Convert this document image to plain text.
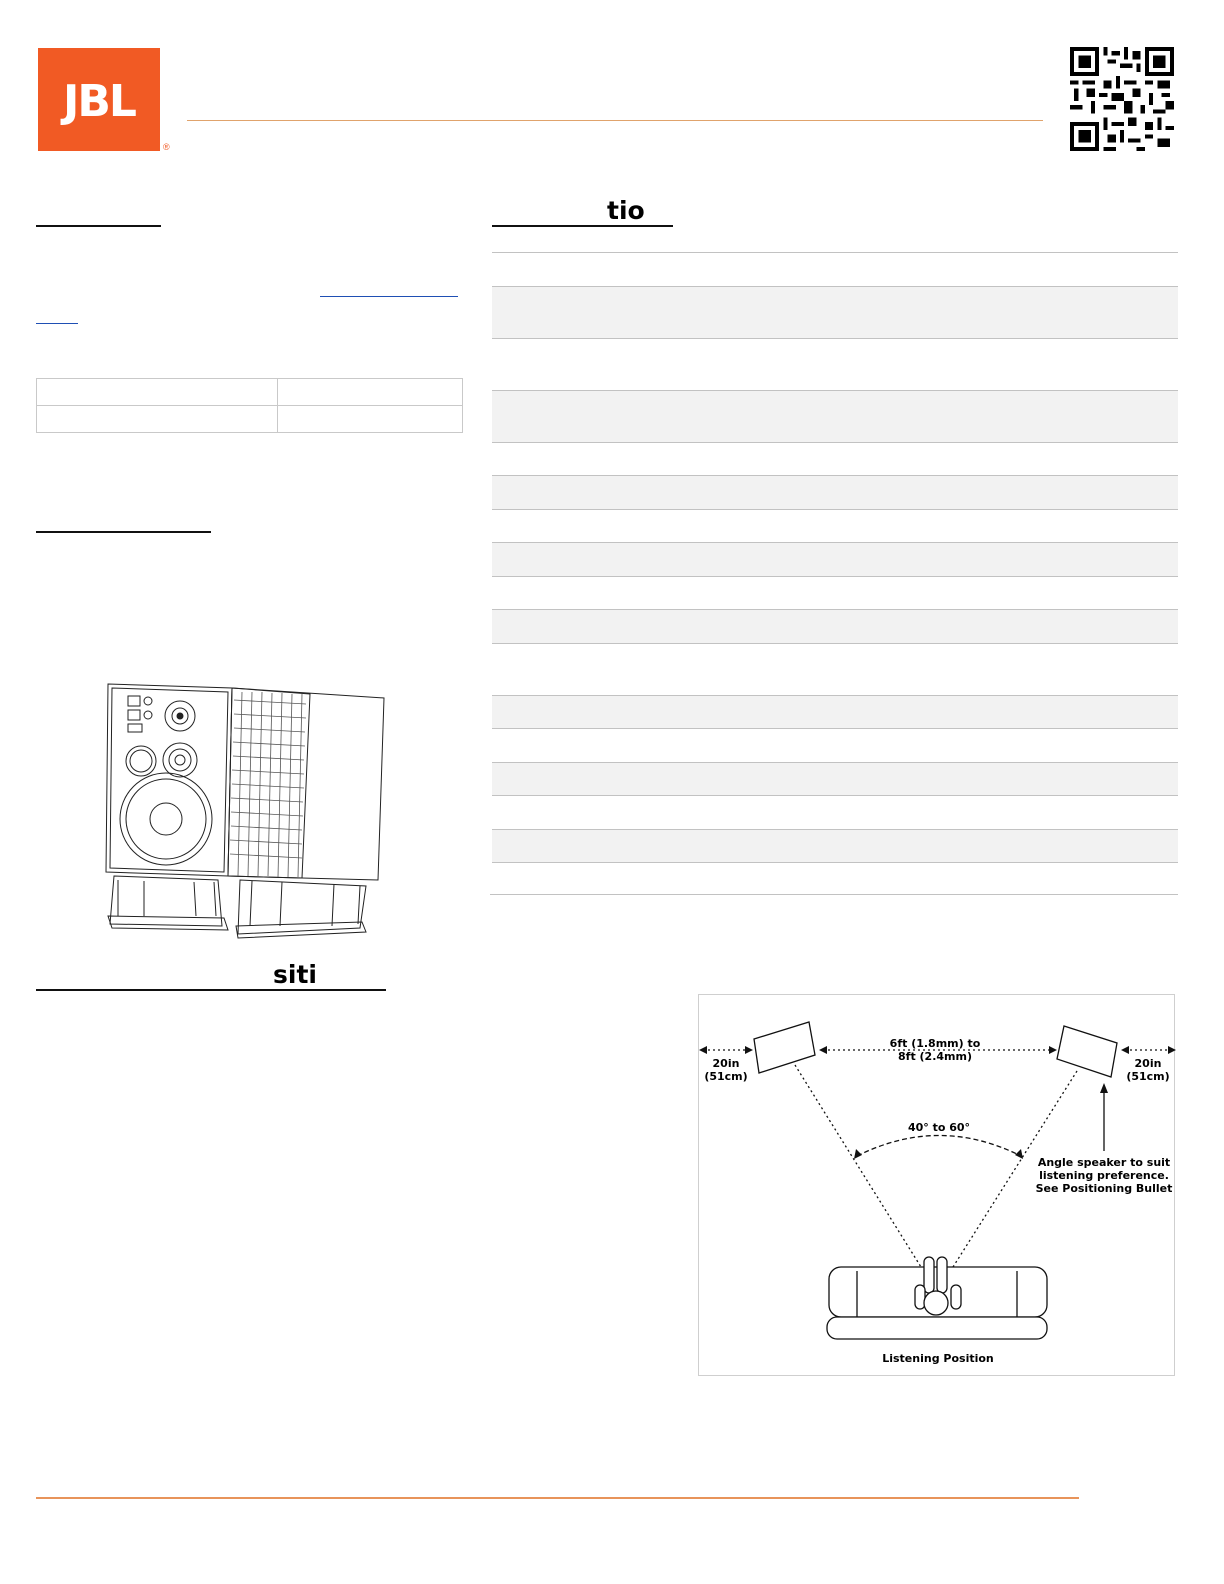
JBL
®

siti
tio
6ft (1.8mm) to
8ft (2.4mm)
20in
(51cm)
20in
(51cm)
40° to 60°
Angle speaker to suit
listening preference.
See Positioning Bullet
Listening Position
